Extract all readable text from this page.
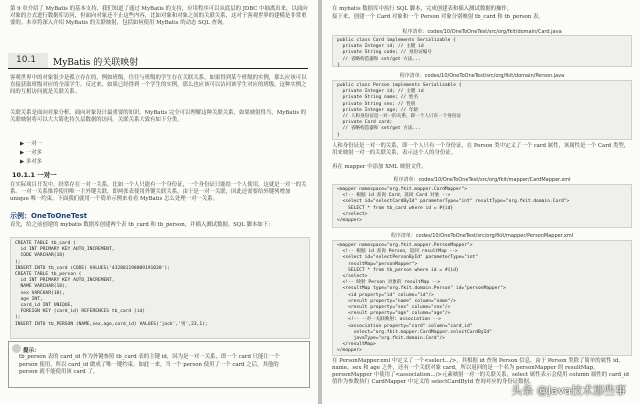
第 9 章介绍了 MyBatis 的基本支持，我们知道了通过 MyBatis 的支持，应用程序可以从底层的 JDBC 中抽离出来，以面向对象的方式进行数据库访问，但面向对象还不止这些内容，比如对象和对象之间的关联关系，这对于客观世界的建模是非常重要的。本章将深入介绍 MyBatis 的关联映射，包括如何使用 MyBatis 的动态 SQL 查询。

10.1 MyBatis 的关联映射

客观世界中的对象很少是孤立存在的，例如班级，往往与班级的学生存在关联关系，如果得到某个班级的实例，那么应该可以直接获取班级对应的全部学生。反过来，如果已经得到一个学生的实例，那么也应该可以访问该学生对应的班级。这种实例之间的互相访问就是关联关系。

关联关系是面向对象分析、面向对象设计最重要的知识。MyBatis 完全可以理解这种关联关系，如果映射得当，MyBatis 的关联映射将可以大大简化持久层数据的访问。关联关系大致有如下分类。

▶ 一对一
▶ 一对多
▶ 多对多
10.1.1 一对一

在实际项目开发中，经常存在一对一关系，比如一个人只能有一个身份证，一个身份证只能给一个人使用，这就是一对一的关系。一对一关系推荐使用唯一主外键关联，即两张表使用外键关联关系，由于是一对一关联，因此还需要给外键列增加 unique 唯一约束。下面我们就用一个简单示例来看看 MyBatis 怎么处理一对一关系。

示例：OneToOneTest

首先，给之前创建的 mybatis 数据库创建两个表 tb_card 和 tb_person，并插入测试数据。SQL 脚本如下：

CREATE TABLE tb_card (
id INT PRIMARY KEY AUTO_INCREMENT,
CODE VARCHAR(18)
);
INSERT INTO tb_card (CODE) VALUES('432801198009191038');
CREATE TABLE tb_person (
id INT PRIMARY KEY AUTO_INCREMENT,
NAME VARCHAR(18),
sex VARCHAR(18),
age INT,
card_id INT UNIQUE,
FOREIGN KEY (card_id) REFERENCES tb_card (id)
);
INSERT INTO tb_PERSON (NAME,sex,age,card_id) VALUES('jack','男',23,1);
提示：
tb_person 表的 card_id 作为外键参照 tb_card 表的主键 id，因为是一对一关系，即一个 card 只能让一个 person 使用，所以 card_id 做成了唯一键约束。如此一来，当一个 person 使用了一个 card 之后，其他的 person 就不能使用该 card 了。

在 mybatis 数据库中执行 SQL 脚本，完成创建表和插入测试数据的操作。

接下来，创建一个 Card 对象和一个 Person 对象分别映射 tb_card 和 tb_person 表。

程序清单：codes/10/OneToOneTest/src/org/fkit/domain/Card.java
public class Card implements Serializable {
private Integer id; // 主键 id
private String code; // 身份证编号
// 省略构造器和 set/get 方法...
}
程序清单：codes/10/OneToOneTest/src/org/fkit/domain/Person.java
public class Person implements Serializable {
private Integer id; // 主键 id
private String name; // 姓名
private String sex; // 性别
private Integer age; // 年龄
// 人和身份证是一对一的关系，即一个人只有一个身份证
private Card card;
// 省略构造器和 set/get 方法...
}

人和身份证是一对一的关系，即一个人只有一个身份证，在 Person 类中定义了一个 card 属性，该属性是一个 Card 类型，用来映射一对一的关联关系，表示这个人的身份证。

再在 mapper 中添加 XML 映射文件。

程序清单：codes/10/OneToOneTest/src/org/fkit/mapper/CardMapper.xml
<mapper namespace="org.fkit.mapper.CardMapper">
<!-- 根据 id 查询 Card，返回 Card 对象 -->
<select id="selectCardById" parameterType="int" resultType="org.fkit.domain.Card">
SELECT * from tb_card where id = #{id}
</select>
</mapper>
程序清单：codes/10/OneToOneTest/src/org/fkit/mapper/PersonMapper.xml
<mapper namespace="org.fkit.mapper.PersonMapper">
<!-- 根据 id 查询 Person，返回 resultMap -->
<select id="selectPersonById" parameterType="int"
resultMap="personMapper">
SELECT * from tb_person where id = #{id}
</select>
<!-- 映射 Person 对象的 resultMap -->
<resultMap type="org.fkit.domain.Person" id="personMapper">
<id property="id" column="id"/>
<result property="name" column="name"/>
<result property="sex" column="sex"/>
<result property="age" column="age"/>
<!-- 一对一关联映射: association -->
<association property="card" column="card_id"
select="org.fkit.mapper.CardMapper.selectCardById"
javaType="org.fkit.domain.Card"/>
</resultMap>
</mapper>

在 PersonMapper.xml 中定义了一个<select.../>，其根据 id 查询 Person 信息，由于 Person 类除了简单的属性 id、name、sex 和 age 之外，还有一个关联对象 card，所以返回的是一个名为 personMapper 的 resultMap。personMapper 中使用了<association.../>元素映射一对一的关联关系，select 属性表示会使用 column 属性的 card_id 值作为参数执行 CardMapper 中定义的 selectCardById 查询对应的身份证数据。

头条 @Java技术那些事
